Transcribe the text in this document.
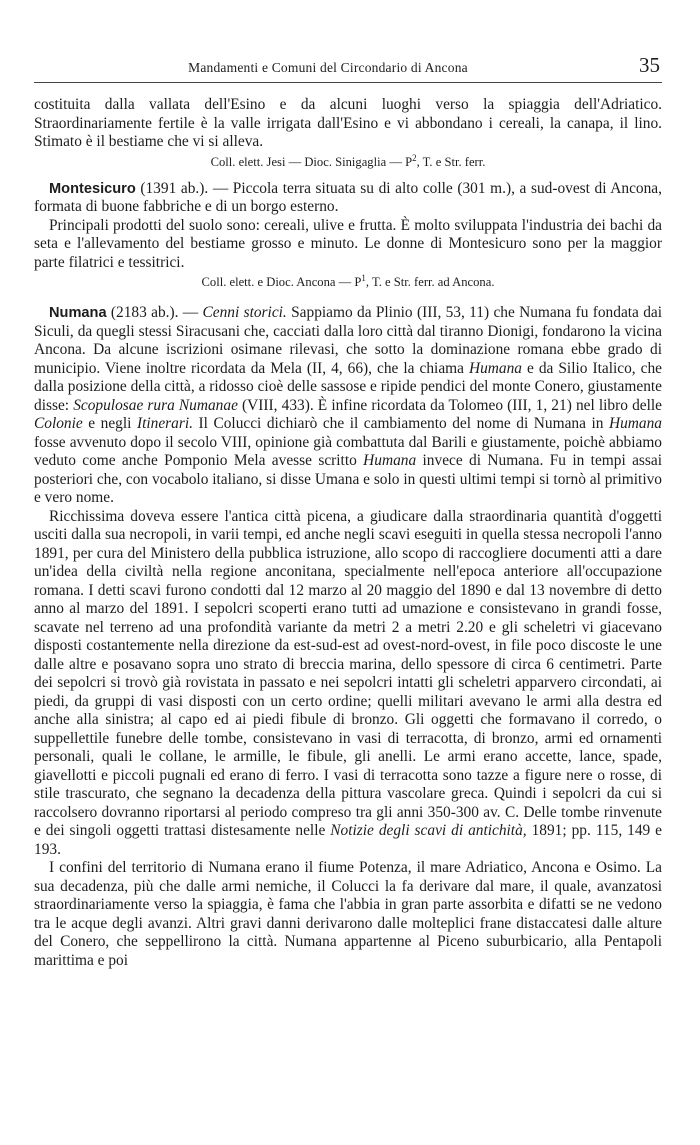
Mandamenti e Comuni del Circondario di Ancona	35

costituita dalla vallata dell'Esino e da alcuni luoghi verso la spiaggia dell'Adriatico. Straordinariamente fertile è la valle irrigata dall'Esino e vi abbondano i cereali, la canapa, il lino. Stimato è il bestiame che vi si alleva.

Coll. elett. Jesi — Dioc. Sinigaglia — $P^2$, T. e Str. ferr.

Montesicuro (1391 ab.). — Piccola terra situata su di alto colle (301 m.), a sud-ovest di Ancona, formata di buone fabbriche e di un borgo esterno.

Principali prodotti del suolo sono: cereali, ulive e frutta. È molto sviluppata l'industria dei bachi da seta e l'allevamento del bestiame grosso e minuto. Le donne di Montesicuro sono per la maggior parte filatrici e tessitrici.

Coll. elett. e Dioc. Ancona — $P^1$, T. e Str. ferr. ad Ancona.

Numana (2183 ab.). — Cenni storici. Sappiamo da Plinio (III, 53, 11) che Numana fu fondata dai Siculi, da quegli stessi Siracusani che, cacciati dalla loro città dal tiranno Dionigi, fondarono la vicina Ancona. Da alcune iscrizioni osimane rilevasi, che sotto la dominazione romana ebbe grado di municipio. Viene inoltre ricordata da Mela (II, 4, 66), che la chiama Humana e da Silio Italico, che dalla posizione della città, a ridosso cioè delle sassose e ripide pendici del monte Conero, giustamente disse: Scopulosae rura Numanae (VIII, 433). È infine ricordata da Tolomeo (III, 1, 21) nel libro delle Colonie e negli Itinerari. Il Colucci dichiarò che il cambiamento del nome di Numana in Humana fosse avvenuto dopo il secolo VIII, opinione già combattuta dal Barili e giustamente, poichè abbiamo veduto come anche Pomponio Mela avesse scritto Humana invece di Numana. Fu in tempi assai posteriori che, con vocabolo italiano, si disse Umana e solo in questi ultimi tempi si tornò al primitivo e vero nome.

Ricchissima doveva essere l'antica città picena, a giudicare dalla straordinaria quantità d'oggetti usciti dalla sua necropoli, in varii tempi, ed anche negli scavi eseguiti in quella stessa necropoli l'anno 1891, per cura del Ministero della pubblica istruzione, allo scopo di raccogliere documenti atti a dare un'idea della civiltà nella regione anconitana, specialmente nell'epoca anteriore all'occupazione romana. I detti scavi furono condotti dal 12 marzo al 20 maggio del 1890 e dal 13 novembre di detto anno al marzo del 1891. I sepolcri scoperti erano tutti ad umazione e consistevano in grandi fosse, scavate nel terreno ad una profondità variante da metri 2 a metri 2.20 e gli scheletri vi giacevano disposti costantemente nella direzione da est-sud-est ad ovest-nord-ovest, in file poco discoste le une dalle altre e posavano sopra uno strato di breccia marina, dello spessore di circa 6 centimetri. Parte dei sepolcri si trovò già rovistata in passato e nei sepolcri intatti gli scheletri apparvero circondati, ai piedi, da gruppi di vasi disposti con un certo ordine; quelli militari avevano le armi alla destra ed anche alla sinistra; al capo ed ai piedi fibule di bronzo. Gli oggetti che formavano il corredo, o suppellettile funebre delle tombe, consistevano in vasi di terracotta, di bronzo, armi ed ornamenti personali, quali le collane, le armille, le fibule, gli anelli. Le armi erano accette, lance, spade, giavellotti e piccoli pugnali ed erano di ferro. I vasi di terracotta sono tazze a figure nere o rosse, di stile trascurato, che segnano la decadenza della pittura vascolare greca. Quindi i sepolcri da cui si raccolsero dovranno riportarsi al periodo compreso tra gli anni 350-300 av. C. Delle tombe rinvenute e dei singoli oggetti trattasi distesamente nelle Notizie degli scavi di antichità, 1891; pp. 115, 149 e 193.

I confini del territorio di Numana erano il fiume Potenza, il mare Adriatico, Ancona e Osimo. La sua decadenza, più che dalle armi nemiche, il Colucci la fa derivare dal mare, il quale, avanzatosi straordinariamente verso la spiaggia, è fama che l'abbia in gran parte assorbita e difatti se ne vedono tra le acque degli avanzi. Altri gravi danni derivarono dalle molteplici frane distaccatesi dalle alture del Conero, che seppellirono la città. Numana appartenne al Piceno suburbicario, alla Pentapoli marittima e poi
